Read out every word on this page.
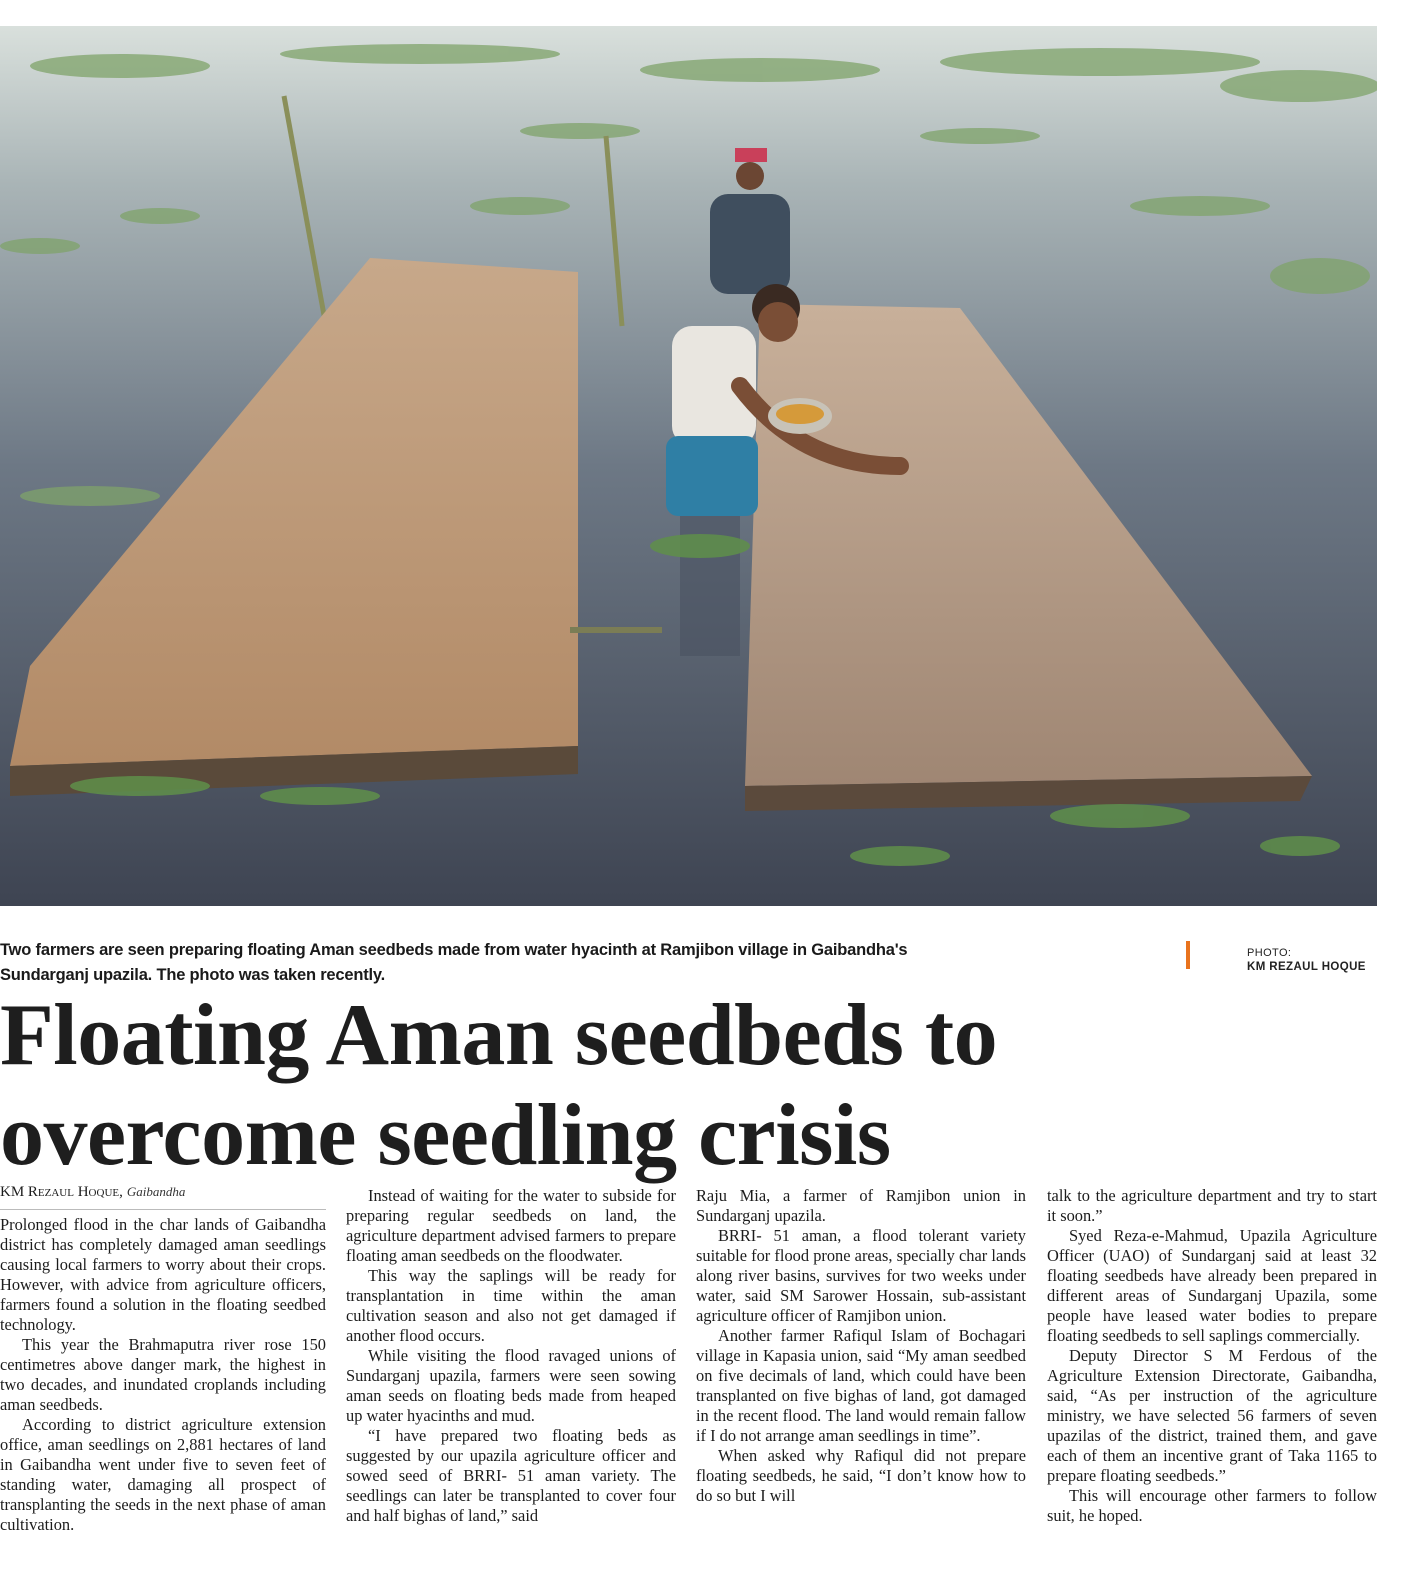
Two farmers are seen preparing floating Aman seedbeds made from water hyacinth at Ramjibon village in Gaibandha's Sundarganj upazila. The photo was taken recently.
PHOTO:
KM REZAUL HOQUE
Floating Aman seedbeds to
overcome seedling crisis
KM Rezaul Hoque, Gaibandha

Prolonged flood in the char lands of Gaibandha district has completely damaged aman seedlings causing local farmers to worry about their crops. However, with advice from agriculture officers, farmers found a solution in the floating seedbed technology.

This year the Brahmaputra river rose 150 centimetres above danger mark, the highest in two decades, and inundated croplands including aman seedbeds.

According to district agriculture extension office, aman seedlings on 2,881 hectares of land in Gaibandha went under five to seven feet of standing water, damaging all prospect of transplanting the seeds in the next phase of aman cultivation.

Instead of waiting for the water to subside for preparing regular seedbeds on land, the agriculture department advised farmers to prepare floating aman seedbeds on the floodwater.

This way the saplings will be ready for transplantation in time within the aman cultivation season and also not get damaged if another flood occurs.

While visiting the flood ravaged unions of Sundarganj upazila, farmers were seen sowing aman seeds on floating beds made from heaped up water hyacinths and mud.

“I have prepared two floating beds as suggested by our upazila agriculture officer and sowed seed of BRRI- 51 aman variety. The seedlings can later be transplanted to cover four and half bighas of land,” said

Raju Mia, a farmer of Ramjibon union in Sundarganj upazila.

BRRI- 51 aman, a flood tolerant variety suitable for flood prone areas, specially char lands along river basins, survives for two weeks under water, said SM Sarower Hossain, sub-assistant agriculture officer of Ramjibon union.

Another farmer Rafiqul Islam of Bochagari village in Kapasia union, said “My aman seedbed on five decimals of land, which could have been transplanted on five bighas of land, got damaged in the recent flood. The land would remain fallow if I do not arrange aman seedlings in time”.

When asked why Rafiqul did not prepare floating seedbeds, he said, “I don’t know how to do so but I will

talk to the agriculture department and try to start it soon.”

Syed Reza-e-Mahmud, Upazila Agriculture Officer (UAO) of Sundarganj said at least 32 floating seedbeds have already been prepared in different areas of Sundarganj Upazila, some people have leased water bodies to prepare floating seedbeds to sell saplings commercially.

Deputy Director S M Ferdous of the Agriculture Extension Directorate, Gaibandha, said, “As per instruction of the agriculture ministry, we have selected 56 farmers of seven upazilas of the district, trained them, and gave each of them an incentive grant of Taka 1165 to prepare floating seedbeds.”

This will encourage other farmers to follow suit, he hoped.
